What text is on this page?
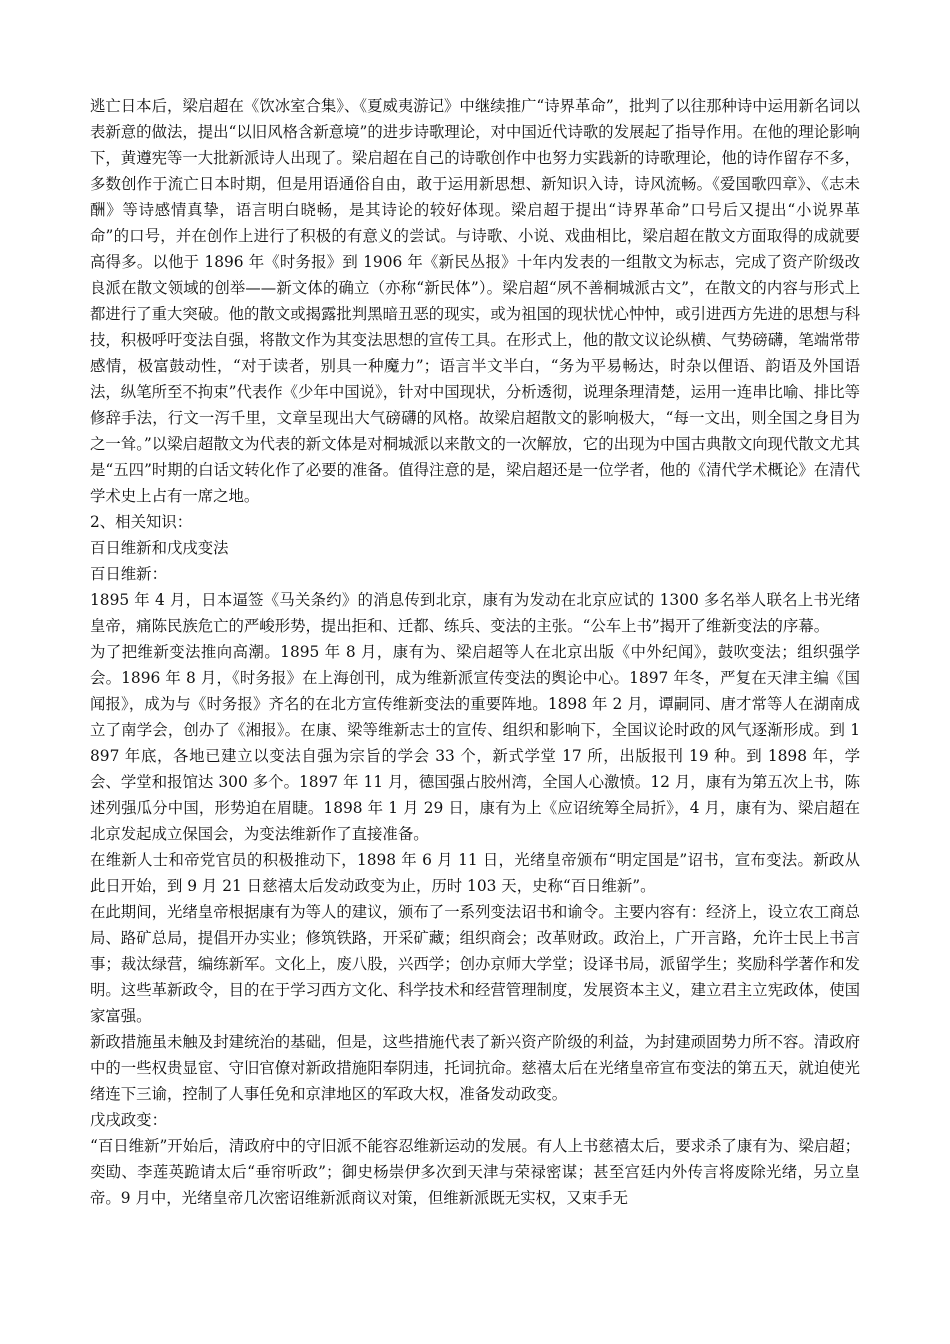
逃亡日本后，梁启超在《饮冰室合集》、《夏威夷游记》中继续推广“诗界革命”，批判了以往那种诗中运用新名词以表新意的做法，提出“以旧风格含新意境”的进步诗歌理论，对中国近代诗歌的发展起了指导作用。在他的理论影响下，黄遵宪等一大批新派诗人出现了。梁启超在自己的诗歌创作中也努力实践新的诗歌理论，他的诗作留存不多，多数创作于流亡日本时期，但是用语通俗自由，敢于运用新思想、新知识入诗，诗风流畅。《爱国歌四章》、《志未酬》等诗感情真挚，语言明白晓畅，是其诗论的较好体现。梁启超于提出“诗界革命”口号后又提出“小说界革命”的口号，并在创作上进行了积极的有意义的尝试。与诗歌、小说、戏曲相比，梁启超在散文方面取得的成就要高得多。以他于 1896 年《时务报》到 1906 年《新民丛报》十年内发表的一组散文为标志，完成了资产阶级改良派在散文领域的创举——新文体的确立（亦称“新民体”）。梁启超“夙不善桐城派古文”，在散文的内容与形式上都进行了重大突破。他的散文或揭露批判黑暗丑恶的现实，或为祖国的现状忧心忡忡，或引进西方先进的思想与科技，积极呼吁变法自强，将散文作为其变法思想的宣传工具。在形式上，他的散文议论纵横、气势磅礴，笔端常带感情，极富鼓动性，“对于读者，别具一种魔力”；语言半文半白，“务为平易畅达，时杂以俚语、韵语及外国语法，纵笔所至不拘束”代表作《少年中国说》，针对中国现状，分析透彻，说理条理清楚，运用一连串比喻、排比等修辞手法，行文一泻千里，文章呈现出大气磅礴的风格。故梁启超散文的影响极大，“每一文出，则全国之身目为之一耸。”以梁启超散文为代表的新文体是对桐城派以来散文的一次解放，它的出现为中国古典散文向现代散文尤其是“五四”时期的白话文转化作了必要的准备。值得注意的是，梁启超还是一位学者，他的《清代学术概论》在清代学术史上占有一席之地。

2、相关知识：

百日维新和戊戌变法

百日维新：

1895 年 4 月，日本逼签《马关条约》的消息传到北京，康有为发动在北京应试的 1300 多名举人联名上书光绪皇帝，痛陈民族危亡的严峻形势，提出拒和、迁都、练兵、变法的主张。“公车上书”揭开了维新变法的序幕。

为了把维新变法推向高潮。1895 年 8 月，康有为、梁启超等人在北京出版《中外纪闻》，鼓吹变法；组织强学会。1896 年 8 月，《时务报》在上海创刊，成为维新派宣传变法的舆论中心。1897 年冬，严复在天津主编《国闻报》，成为与《时务报》齐名的在北方宣传维新变法的重要阵地。1898 年 2 月，谭嗣同、唐才常等人在湖南成立了南学会，创办了《湘报》。在康、梁等维新志士的宣传、组织和影响下，全国议论时政的风气逐渐形成。到 1897 年底，各地已建立以变法自强为宗旨的学会 33 个，新式学堂 17 所，出版报刊 19 种。到 1898 年，学会、学堂和报馆达 300 多个。1897 年 11 月，德国强占胶州湾，全国人心激愤。12 月，康有为第五次上书，陈述列强瓜分中国，形势迫在眉睫。1898 年 1 月 29 日，康有为上《应诏统筹全局折》，4 月，康有为、梁启超在北京发起成立保国会，为变法维新作了直接准备。

在维新人士和帝党官员的积极推动下，1898 年 6 月 11 日，光绪皇帝颁布“明定国是”诏书，宣布变法。新政从此日开始，到 9 月 21 日慈禧太后发动政变为止，历时 103 天，史称“百日维新”。

在此期间，光绪皇帝根据康有为等人的建议，颁布了一系列变法诏书和谕令。主要内容有：经济上，设立农工商总局、路矿总局，提倡开办实业；修筑铁路，开采矿藏；组织商会；改革财政。政治上，广开言路，允许士民上书言事；裁汰绿营，编练新军。文化上，废八股，兴西学；创办京师大学堂；设译书局，派留学生；奖励科学著作和发明。这些革新政令，目的在于学习西方文化、科学技术和经营管理制度，发展资本主义，建立君主立宪政体，使国家富强。

新政措施虽未触及封建统治的基础，但是，这些措施代表了新兴资产阶级的利益，为封建顽固势力所不容。清政府中的一些权贵显宦、守旧官僚对新政措施阳奉阴违，托词抗命。慈禧太后在光绪皇帝宣布变法的第五天，就迫使光绪连下三谕，控制了人事任免和京津地区的军政大权，准备发动政变。

戊戌政变：

“百日维新”开始后，清政府中的守旧派不能容忍维新运动的发展。有人上书慈禧太后，要求杀了康有为、梁启超；奕劻、李莲英跪请太后“垂帘听政”；御史杨崇伊多次到天津与荣禄密谋；甚至宫廷内外传言将废除光绪，另立皇帝。9 月中，光绪皇帝几次密诏维新派商议对策，但维新派既无实权，又束手无
